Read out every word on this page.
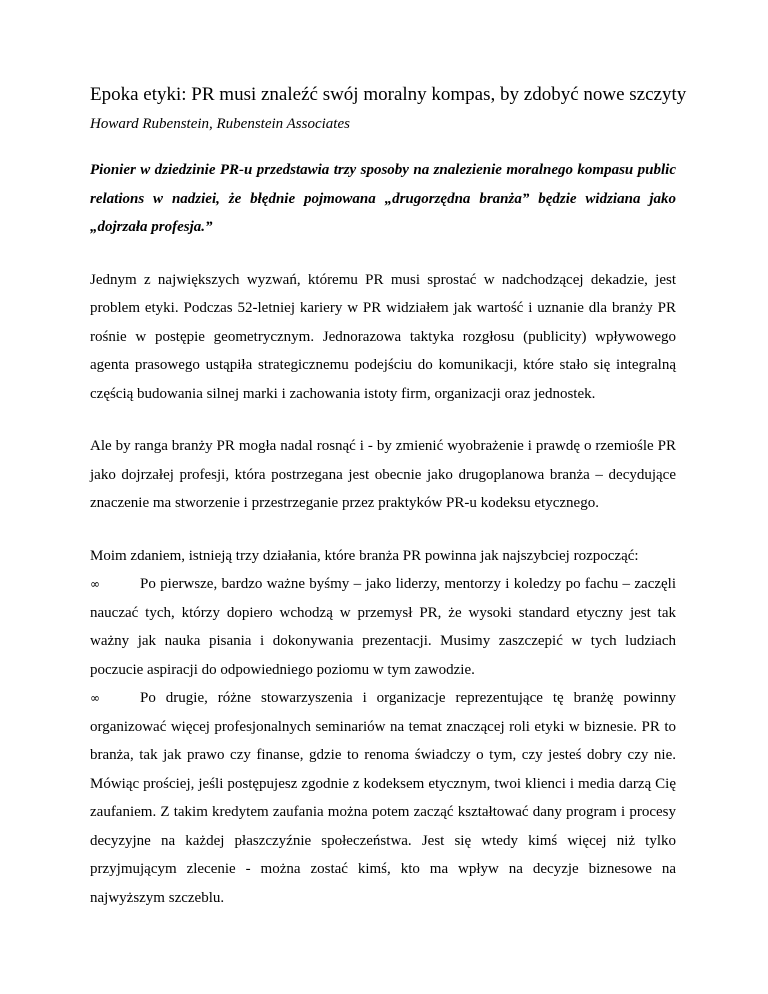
Epoka etyki: PR musi znaleźć swój moralny kompas, by zdobyć nowe szczyty

Howard Rubenstein, Rubenstein Associates

Pionier w dziedzinie PR-u przedstawia trzy sposoby na znalezienie moralnego kompasu public relations w nadziei, że błędnie pojmowana „drugorzędna branża” będzie widziana jako „dojrzała profesja.”

Jednym z największych wyzwań, któremu PR musi sprostać w nadchodzącej dekadzie, jest problem etyki. Podczas 52-letniej kariery w PR widziałem jak wartość i uznanie dla branży PR rośnie w postępie geometrycznym. Jednorazowa taktyka rozgłosu (publicity) wpływowego agenta prasowego ustąpiła strategicznemu podejściu do komunikacji, które stało się integralną częścią budowania silnej marki i zachowania istoty firm, organizacji oraz jednostek.

Ale by ranga branży PR mogła nadal rosnąć i - by zmienić wyobrażenie i prawdę o rzemiośle PR jako dojrzałej profesji, która postrzegana jest obecnie jako drugoplanowa branża – decydujące znaczenie ma stworzenie i przestrzeganie przez praktyków PR-u kodeksu etycznego.

Moim zdaniem, istnieją trzy działania, które branża PR powinna jak najszybciej rozpocząć:

∞	Po pierwsze, bardzo ważne byśmy – jako liderzy, mentorzy i koledzy po fachu – zaczęli nauczać tych, którzy dopiero wchodzą w przemysł PR, że wysoki standard etyczny jest tak ważny jak nauka pisania i dokonywania prezentacji. Musimy zaszczepić w tych ludziach poczucie aspiracji do odpowiedniego poziomu w tym zawodzie.

∞	Po drugie, różne stowarzyszenia i organizacje reprezentujące tę branżę powinny organizować więcej profesjonalnych seminariów na temat znaczącej roli etyki w biznesie. PR to branża, tak jak prawo czy finanse, gdzie to renoma świadczy o tym, czy jesteś dobry czy nie. Mówiąc prościej, jeśli postępujesz zgodnie z kodeksem etycznym, twoi klienci i media darzą Cię zaufaniem. Z takim kredytem zaufania można potem zacząć kształtować dany program i procesy decyzyjne na każdej płaszczyźnie społeczeństwa. Jest się wtedy kimś więcej niż tylko przyjmującym zlecenie - można zostać kimś, kto ma wpływ na decyzje biznesowe na najwyższym szczeblu.
